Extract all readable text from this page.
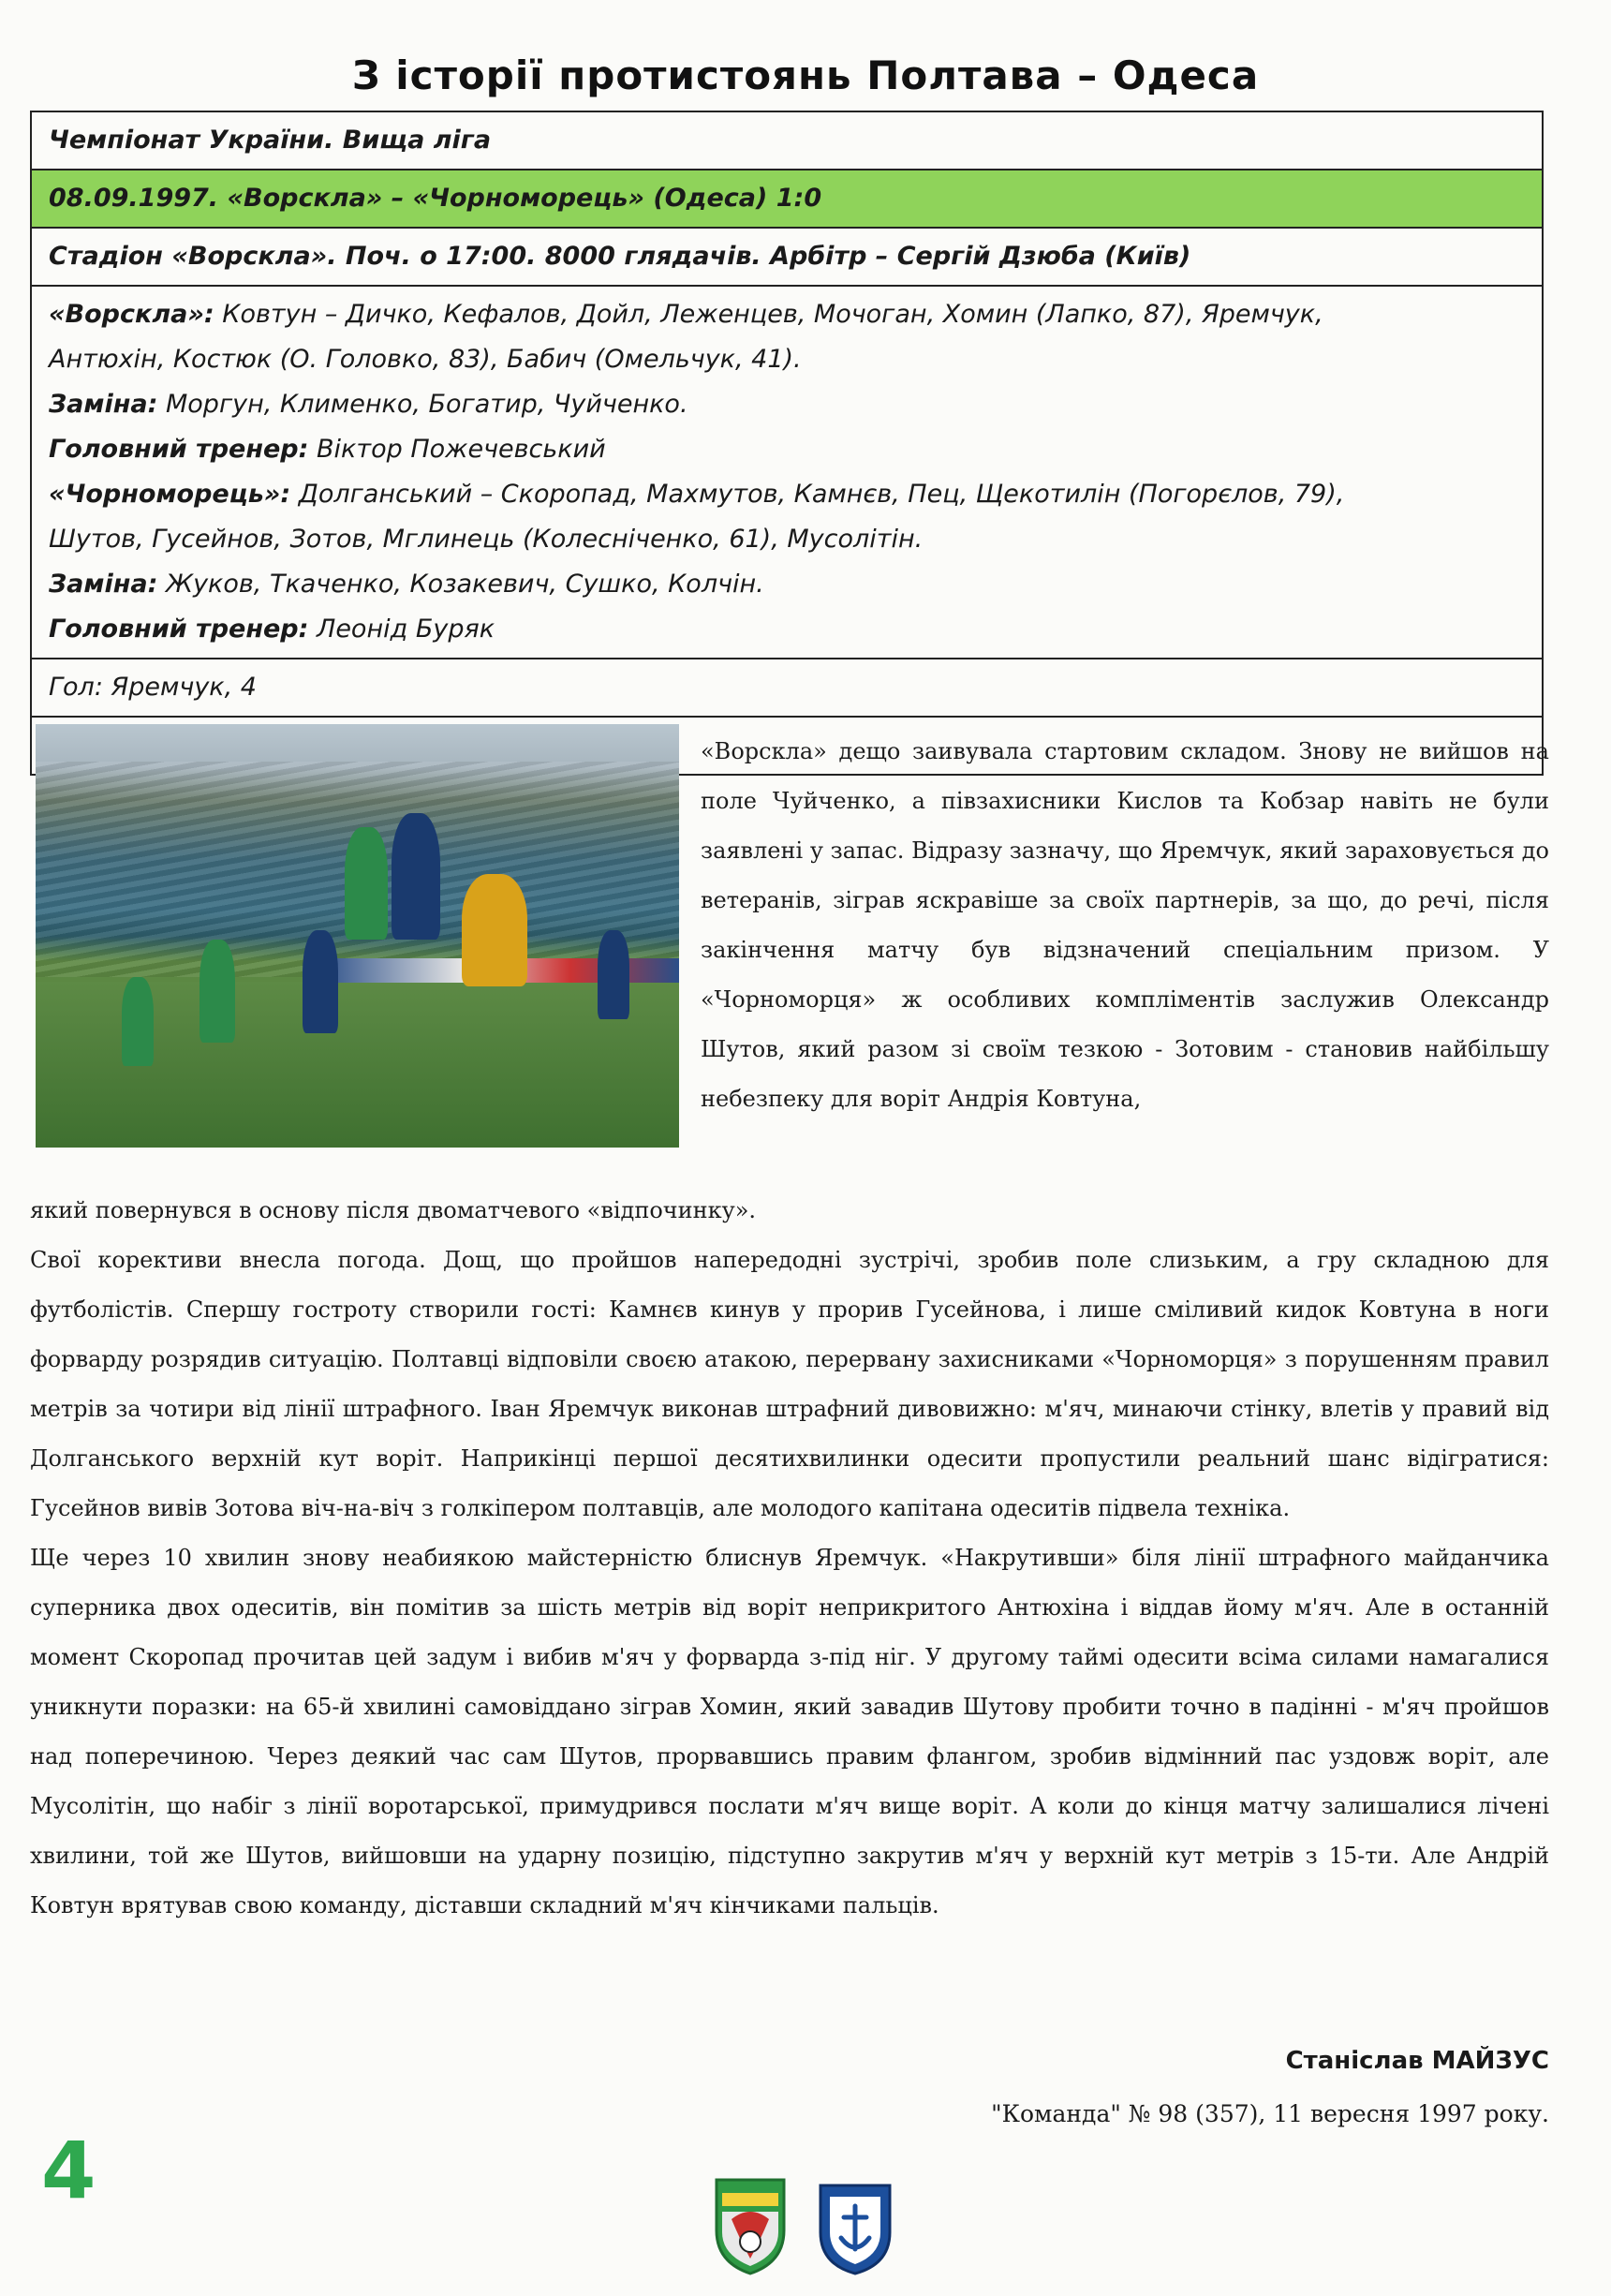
З історії протистоянь Полтава – Одеса
Чемпіонат України. Вища ліга
08.09.1997. «Ворскла» – «Чорноморець» (Одеса) 1:0
Стадіон «Ворскла». Поч. о 17:00. 8000 глядачів. Арбітр – Сергій Дзюба (Київ)
«Ворскла»: Ковтун – Дичко, Кефалов, Дойл, Леженцев, Мочоган, Хомин (Лапко, 87), Яремчук,
Антюхін, Костюк (О. Головко, 83), Бабич (Омельчук, 41).
Заміна: Моргун, Клименко, Богатир, Чуйченко.
Головний тренер: Віктор Пожечевський
«Чорноморець»: Долганський – Скоропад, Махмутов, Камнєв, Пец, Щекотилін (Погорєлов, 79),
Шутов, Гусейнов, Зотов, Мглинець (Колесніченко, 61), Мусолітін.
Заміна: Жуков, Ткаченко, Козакевич, Сушко, Колчін.
Головний тренер: Леонід Буряк
Гол: Яремчук, 4

«Ворскла» дещо заивувала стартовим складом. Знову не вийшов на поле Чуйченко, а півзахисники Кислов та Кобзар навіть не були заявлені у запас. Відразу зазначу, що Яремчук, який зараховується до ветеранів, зіграв яскравіше за своїх партнерів, за що, до речі, після закінчення матчу був відзначений спеціальним призом. У «Чорноморця» ж особливих компліментів заслужив Олександр Шутов, який разом зі своїм тезкою - Зотовим - становив найбільшу небезпеку для воріт Андрія Ковтуна,

який повернувся в основу після двоматчевого «відпочинку».

Свої корективи внесла погода. Дощ, що пройшов напередодні зустрічі, зробив поле слизьким, а гру складною для футболістів. Спершу гостроту створили гості: Камнєв кинув у прорив Гусейнова, і лише сміливий кидок Ковтуна в ноги форварду розрядив ситуацію. Полтавці відповіли своєю атакою, перервану захисниками «Чорноморця» з порушенням правил метрів за чотири від лінії штрафного. Іван Яремчук виконав штрафний дивовижно: м'яч, минаючи стінку, влетів у правий від Долганського верхній кут воріт. Наприкінці першої десятихвилинки одесити пропустили реальний шанс відігратися: Гусейнов вивів Зотова віч-на-віч з голкіпером полтавців, але молодого капітана одеситів підвела техніка.

Ще через 10 хвилин знову неабиякою майстерністю блиснув Яремчук. «Накрутивши» біля лінії штрафного майданчика суперника двох одеситів, він помітив за шість метрів від воріт неприкритого Антюхіна і віддав йому м'яч. Але в останній момент Скоропад прочитав цей задум і вибив м'яч у форварда з-під ніг. У другому таймі одесити всіма силами намагалися уникнути поразки: на 65-й хвилині самовіддано зіграв Хомин, який завадив Шутову пробити точно в падінні - м'яч пройшов над поперечиною. Через деякий час сам Шутов, прорвавшись правим флангом, зробив відмінний пас уздовж воріт, але Мусолітін, що набіг з лінії воротарської, примудрився послати м'яч вище воріт. А коли до кінця матчу залишалися лічені хвилини, той же Шутов, вийшовши на ударну позицію, підступно закрутив м'яч у верхній кут метрів з 15-ти. Але Андрій Ковтун врятував свою команду, діставши складний м'яч кінчиками пальців.

Станіслав МАЙЗУС
"Команда" № 98 (357), 11 вересня 1997 року.
4
